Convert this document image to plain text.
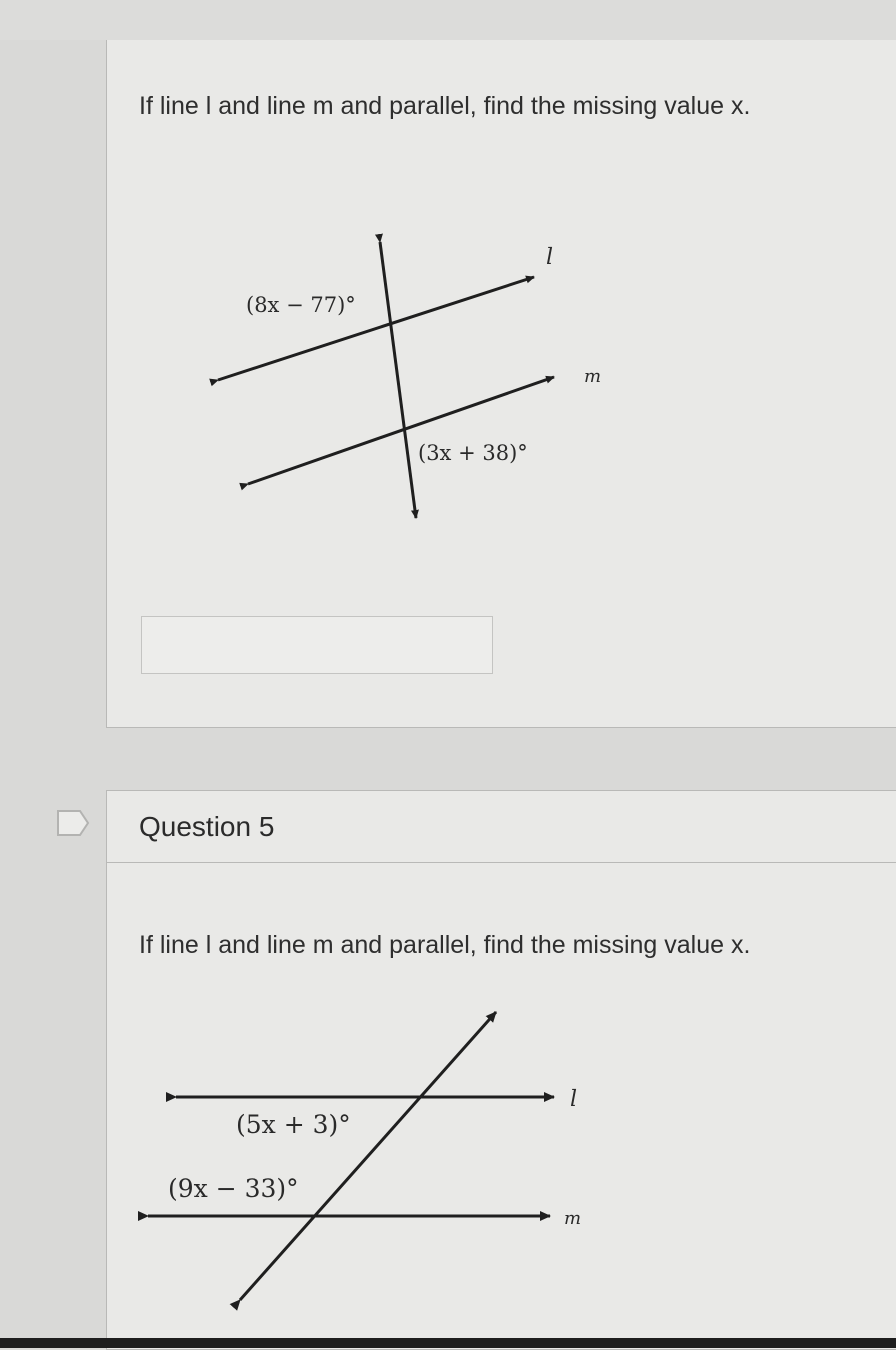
If line l and line m and parallel, find the missing value x.
(8x − 77)°
(3x + 38)°
l
m
Question 5
If line l and line m and parallel, find the missing value x.
(5x + 3)°
(9x − 33)°
l
m
